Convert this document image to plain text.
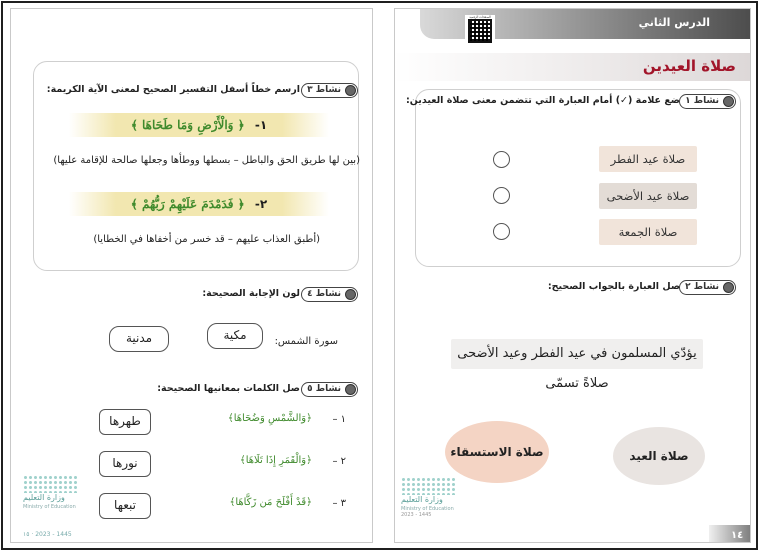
نشاط ٣
ارسم خطاً أسفل التفسير الصحيح لمعنى الآية الكريمة:
١- ﴿ وَالْأَرْضِ وَمَا طَحَاهَا ﴾
(بين لها طريق الحق والباطل – بسطها ووطأها وجعلها صالحة للإقامة عليها)
٢- ﴿ فَدَمْدَمَ عَلَيْهِمْ رَبُّهُمْ ﴾
(أطبق العذاب عليهم – قد خسر من أخفاها في الخطايا)
نشاط ٤
لون الإجابة الصحيحة:
سورة الشمس:
مكية
مدنية
نشاط ٥
صل الكلمات بمعانيها الصحيحة:
١ –
﴿وَالشَّمْسِ وَضُحَاهَا﴾
طهرها
٢ –
﴿وَالْقَمَرِ إِذَا تَلَاهَا﴾
نورها
٣ –
﴿قَدْ أَفْلَحَ مَن زَكَّاهَا﴾
تبعها
وزارة التعليم
Ministry of Education
١٥ · 2023 - 1445
الدرس الثاني
الصفحات الرقمية
صلاة العيدين
نشاط ١
ضع علامة (✓) أمام العبارة التي تتضمن معنى صلاة العيدين:
صلاة عيد الفطر
صلاة عيد الأضحى
صلاة الجمعة
نشاط ٢
صل العبارة بالجواب الصحيح:
يؤدّي المسلمون في عيد الفطر وعيد الأضحى صلاةً تسمّى
صلاة الاستسقاء	صلاة العيد
وزارة التعليم
Ministry of Education
2023 - 1445
١٤
